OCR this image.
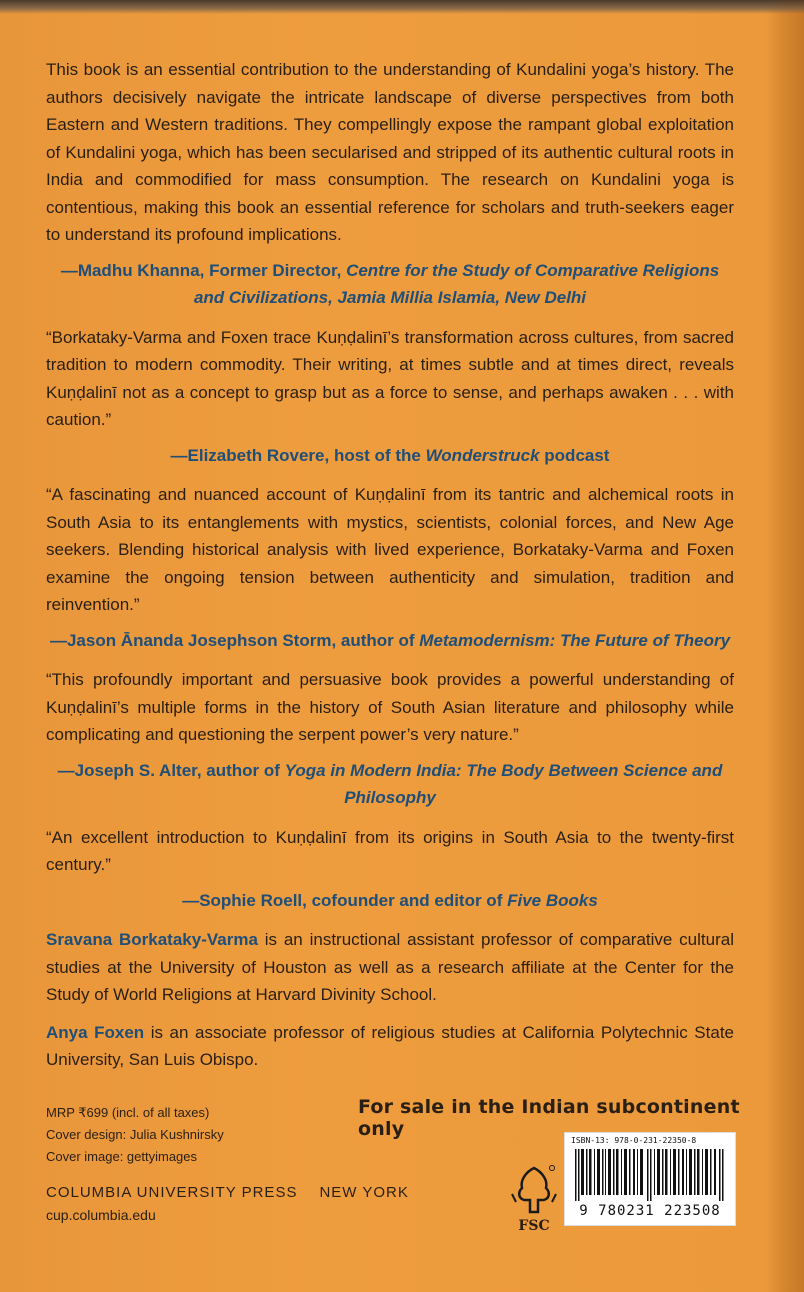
This book is an essential contribution to the understanding of Kundalini yoga’s history. The authors decisively navigate the intricate landscape of diverse perspectives from both Eastern and Western traditions. They compellingly expose the rampant global exploitation of Kundalini yoga, which has been secularised and stripped of its authentic cultural roots in India and commodified for mass consumption. The research on Kundalini yoga is contentious, making this book an essential reference for scholars and truth-seekers eager to understand its profound implications.

—Madhu Khanna, Former Director, Centre for the Study of Comparative Religions and Civilizations, Jamia Millia Islamia, New Delhi

“Borkataky-Varma and Foxen trace Kuṇḍalinī’s transformation across cultures, from sacred tradition to modern commodity. Their writing, at times subtle and at times direct, reveals Kuṇḍalinī not as a concept to grasp but as a force to sense, and perhaps awaken . . . with caution.”

—Elizabeth Rovere, host of the Wonderstruck podcast

“A fascinating and nuanced account of Kuṇḍalinī from its tantric and alchemical roots in South Asia to its entanglements with mystics, scientists, colonial forces, and New Age seekers. Blending historical analysis with lived experience, Borkataky-Varma and Foxen examine the ongoing tension between authenticity and simulation, tradition and reinvention.”

—Jason Ānanda Josephson Storm, author of Metamodernism: The Future of Theory

“This profoundly important and persuasive book provides a powerful understanding of Kuṇḍalinī’s multiple forms in the history of South Asian literature and philosophy while complicating and questioning the serpent power’s very nature.”

—Joseph S. Alter, author of Yoga in Modern India: The Body Between Science and Philosophy

“An excellent introduction to Kuṇḍalinī from its origins in South Asia to the twenty-first century.”

—Sophie Roell, cofounder and editor of Five Books

Sravana Borkataky-Varma is an instructional assistant professor of comparative cultural studies at the University of Houston as well as a research affiliate at the Center for the Study of World Religions at Harvard Divinity School.

Anya Foxen is an associate professor of religious studies at California Polytechnic State University, San Luis Obispo.

MRP ₹699 (incl. of all taxes)

Cover design: Julia Kushnirsky

Cover image: gettyimages

COLUMBIA UNIVERSITY PRESS NEW YORK

cup.columbia.edu

For sale in the Indian subcontinent only
FSC
ISBN-13: 978-0-231-22350-8
9 780231 223508
